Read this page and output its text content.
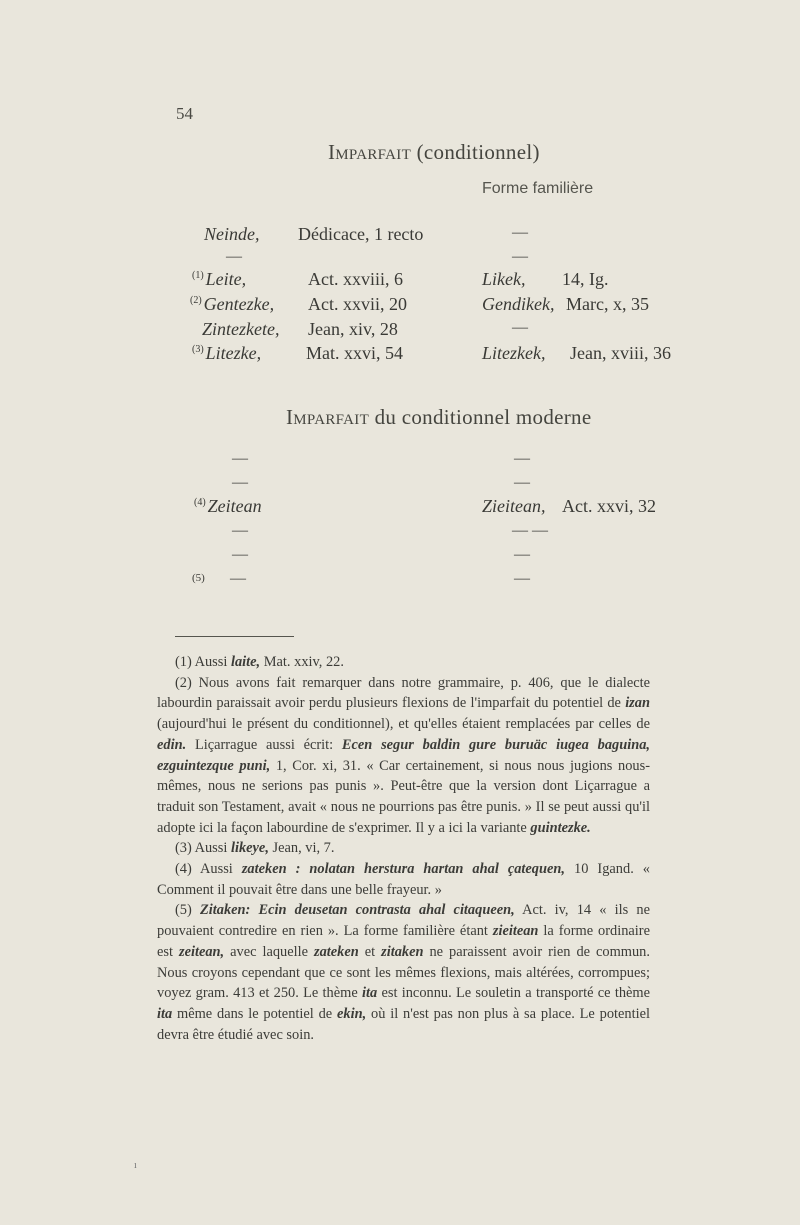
54
Imparfait (conditionnel)
Forme familière
Neinde, Dédicace, 1 recto	—
—	—
$^{(1)}$ Leite,	Act. xxviii, 6	Likek, 14, Ig.
$^{(2)}$ Gentezke, Act. xxvii, 20	Gendikek, Marc, x, 35
Zintezkete, Jean, xiv, 28	—
$^{(3)}$ Litezke, Mat. xxvi, 54	Litezkek, Jean, xviii, 36
Imparfait du conditionnel moderne
—	—
—	—
$^{(4)}$ Zeitean	Zieitean, Act. xxvi, 32
—	— —
—	—
(5) —	—

(1) Aussi laite, Mat. xxiv, 22.

(2) Nous avons fait remarquer dans notre grammaire, p. 406, que le dialecte labourdin paraissait avoir perdu plusieurs flexions de l'imparfait du potentiel de izan (aujourd'hui le présent du conditionnel), et qu'elles étaient remplacées par celles de edin. Liçarrague aussi écrit: Ecen segur baldin gure buruäc iugea baguina, ezguintezque puni, 1, Cor. xi, 31. « Car certainement, si nous nous jugions nous-mêmes, nous ne serions pas punis ». Peut-être que la version dont Liçarrague a traduit son Testament, avait « nous ne pourrions pas être punis. » Il se peut aussi qu'il adopte ici la façon labourdine de s'exprimer. Il y a ici la variante guintezke.

(3) Aussi likeye, Jean, vi, 7.

(4) Aussi zateken : nolatan herstura hartan ahal çatequen, 10 Igand. « Comment il pouvait être dans une belle frayeur. »

(5) Zitaken: Ecin deusetan contrasta ahal citaqueen, Act. iv, 14 « ils ne pouvaient contredire en rien ». La forme familière étant zieitean la forme ordinaire est zeitean, avec laquelle zateken et zitaken ne paraissent avoir rien de commun. Nous croyons cependant que ce sont les mêmes flexions, mais altérées, corrompues; voyez gram. 413 et 250. Le thème ita est inconnu. Le souletin a transporté ce thème ita même dans le potentiel de ekin, où il n'est pas non plus à sa place. Le potentiel devra être étudié avec soin.

ı
